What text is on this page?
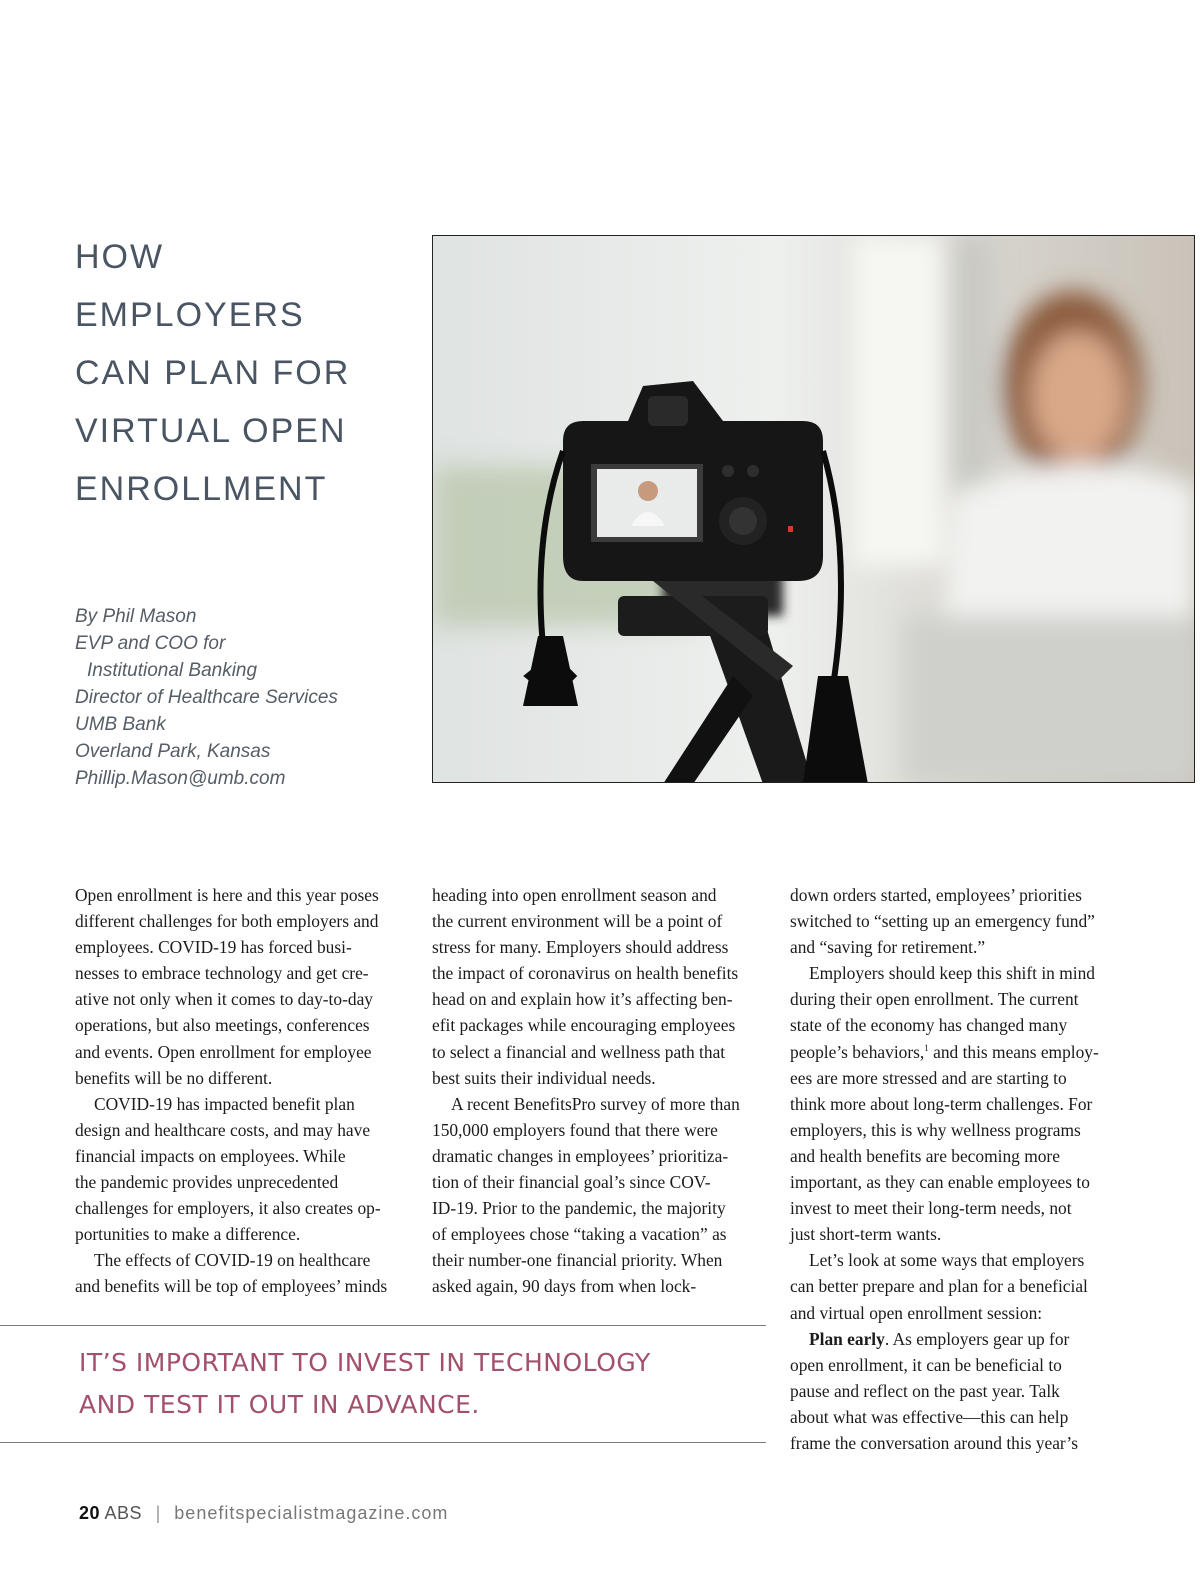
HOW
EMPLOYERS
CAN PLAN FOR
VIRTUAL OPEN
ENROLLMENT
By Phil Mason
EVP and COO for
Institutional Banking
Director of Healthcare Services
UMB Bank
Overland Park, Kansas
Phillip.Mason@umb.com

Open enrollment is here and this year poses
different challenges for both employers and
employees. COVID-19 has forced busi-
nesses to embrace technology and get cre-
ative not only when it comes to day-to-day
operations, but also meetings, conferences
and events. Open enrollment for employee
benefits will be no different.

COVID-19 has impacted benefit plan
design and healthcare costs, and may have
financial impacts on employees. While
the pandemic provides unprecedented
challenges for employers, it also creates op-
portunities to make a difference.

The effects of COVID-19 on healthcare
and benefits will be top of employees’ minds

heading into open enrollment season and
the current environment will be a point of
stress for many. Employers should address
the impact of coronavirus on health benefits
head on and explain how it’s affecting ben-
efit packages while encouraging employees
to select a financial and wellness path that
best suits their individual needs.

A recent BenefitsPro survey of more than
150,000 employers found that there were
dramatic changes in employees’ prioritiza-
tion of their financial goal’s since COV-
ID-19. Prior to the pandemic, the majority
of employees chose “taking a vacation” as
their number-one financial priority. When
asked again, 90 days from when lock-

down orders started, employees’ priorities
switched to “setting up an emergency fund”
and “saving for retirement.”

Employers should keep this shift in mind
during their open enrollment. The current
state of the economy has changed many
people’s behaviors,$^1$ and this means employ-
ees are more stressed and are starting to
think more about long-term challenges. For
employers, this is why wellness programs
and health benefits are becoming more
important, as they can enable employees to
invest to meet their long-term needs, not
just short-term wants.

Let’s look at some ways that employers
can better prepare and plan for a beneficial
and virtual open enrollment session:

Plan early. As employers gear up for
open enrollment, it can be beneficial to
pause and reflect on the past year. Talk
about what was effective—this can help
frame the conversation around this year’s

IT’S IMPORTANT TO INVEST IN TECHNOLOGY
AND TEST IT OUT IN ADVANCE.
20 ABS | benefitspecialistmagazine.com
